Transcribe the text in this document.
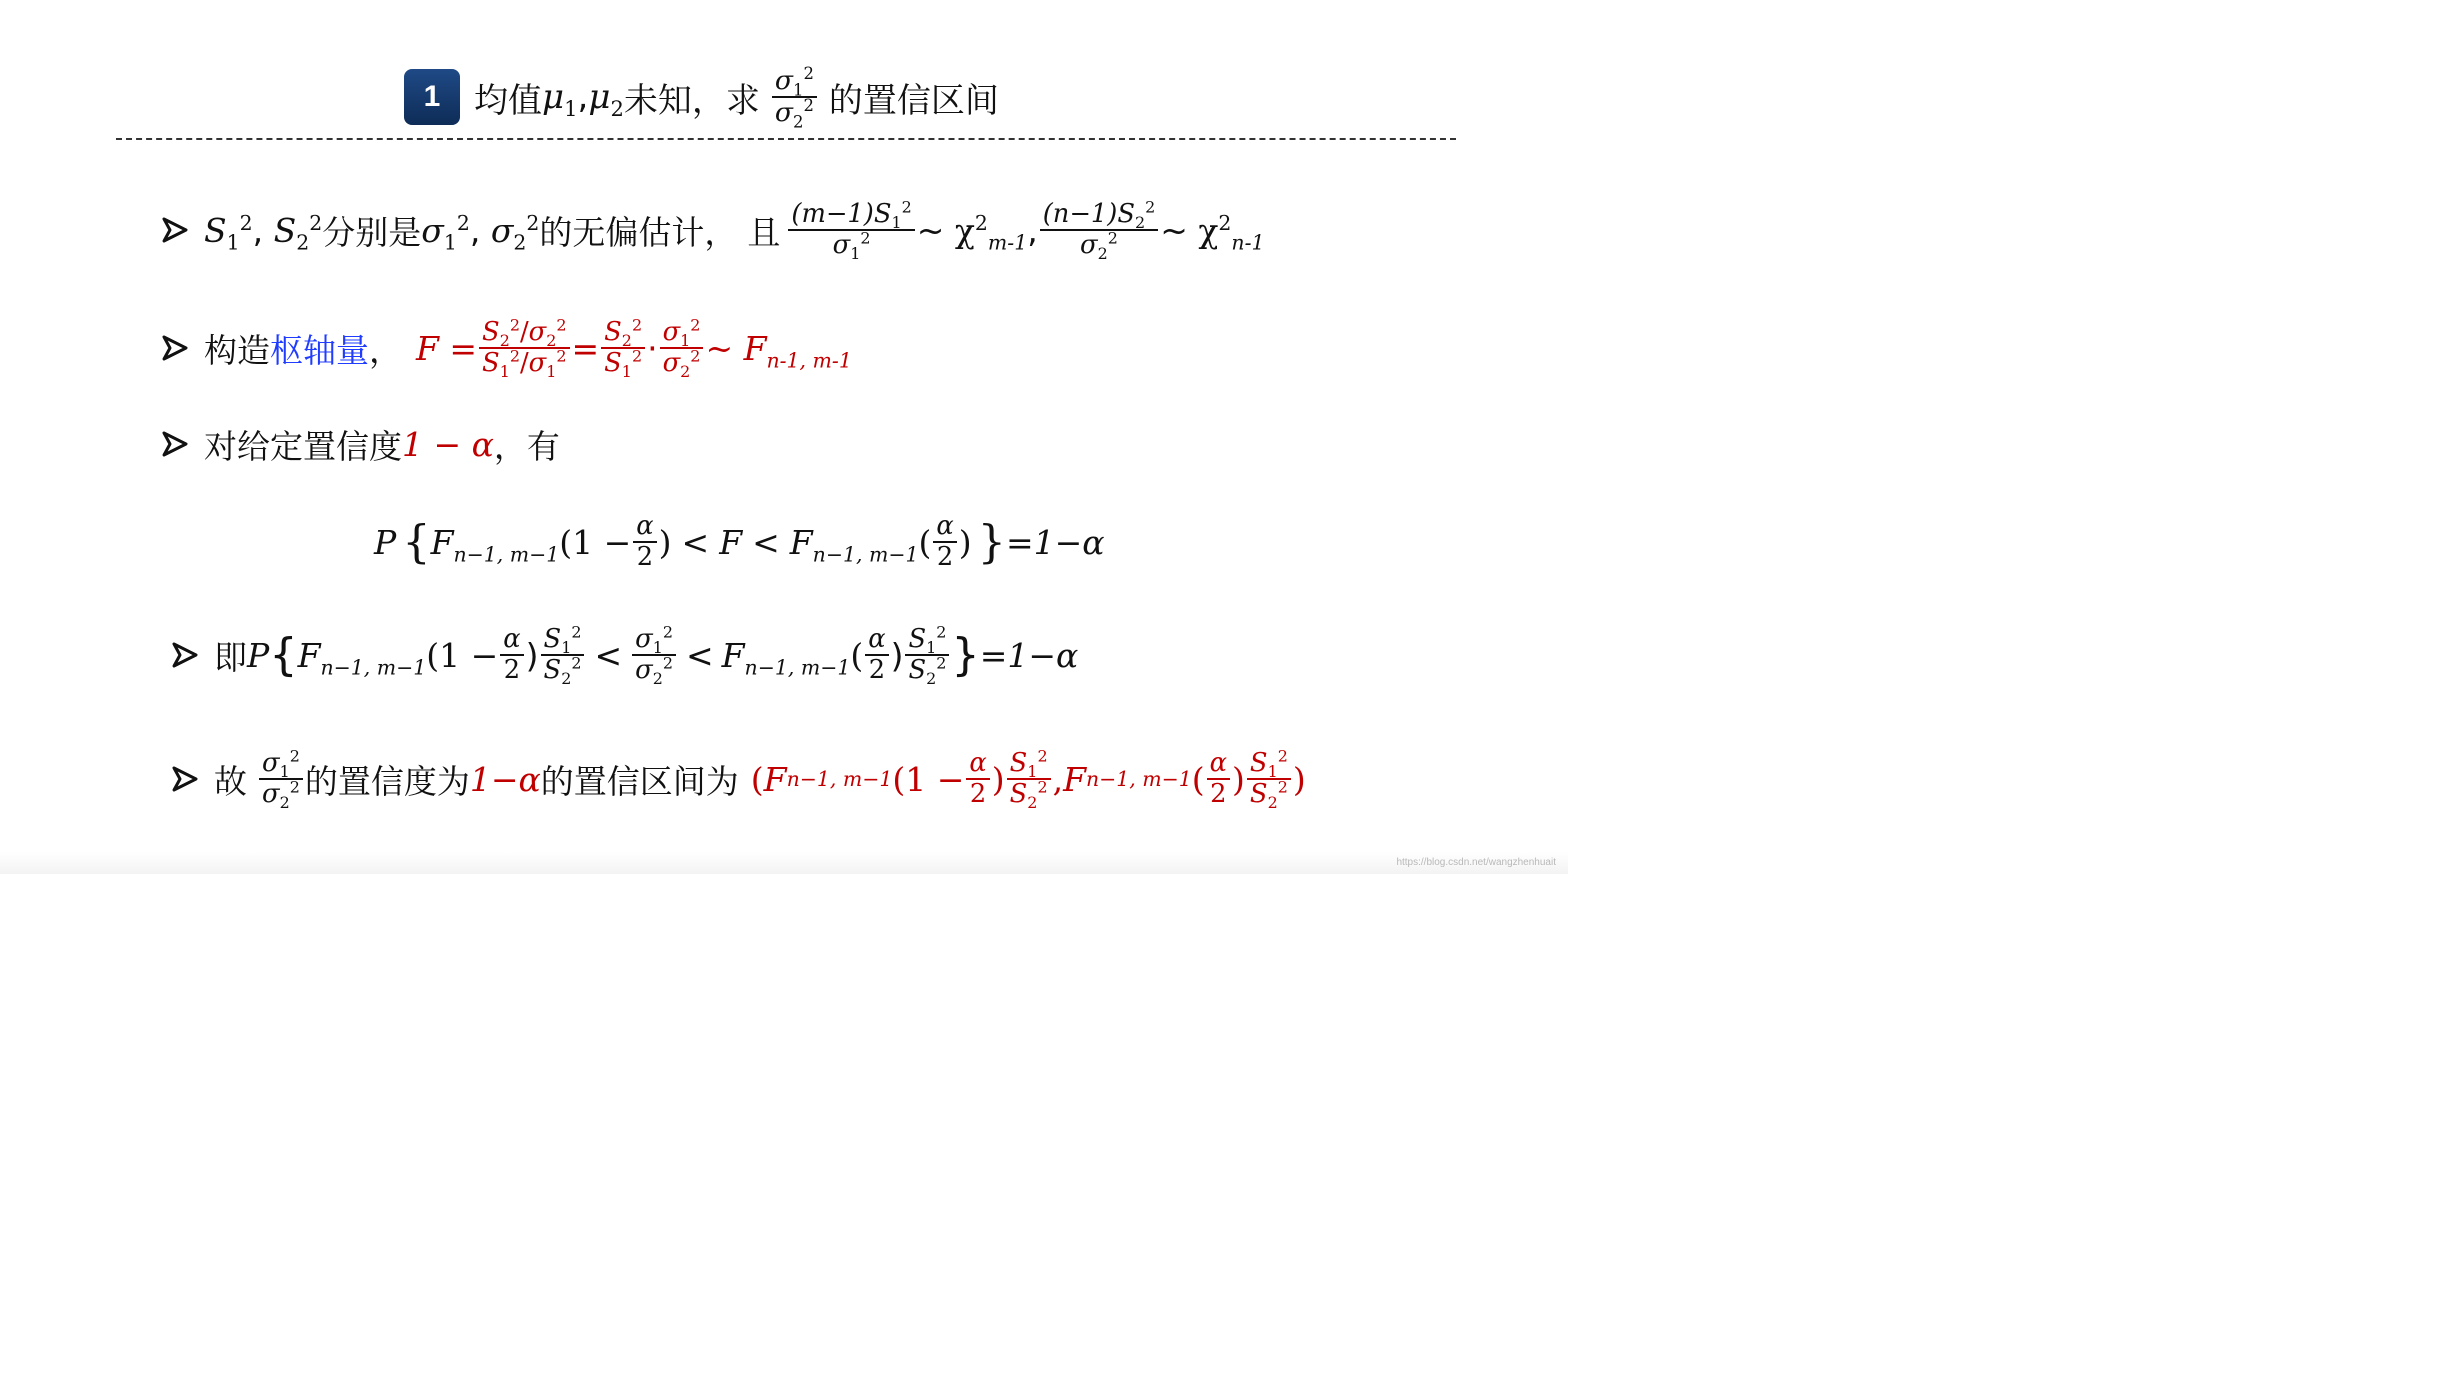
1 均值 $\mu_1$ , $\mu_2$ 未知，求 $\frac{\sigma_1^2}{\sigma_2^2}$ 的置信区间
$S_1^2$ , $S_2^2$ 分别是 $\sigma_1^2$ , $\sigma_2^2$ 的无偏估计， 且 $\frac{(m-1)S_1^2}{\sigma_1^2}$ ~ $\chi^2_{m-1}$ , $\frac{(n-1)S_2^2}{\sigma_2^2}$ ~ $\chi^2_{n-1}$
构造 枢轴量 ， $F = \frac{S_2^2/\sigma_2^2}{S_1^2/\sigma_1^2} = \frac{S_2^2}{S_1^2} \cdot \frac{\sigma_1^2}{\sigma_2^2}$ ~ $F_{n-1, m-1}$
对给定置信度 1 − α ，有
P { $F_{n-1, m-1}(1 - \frac{\alpha}{2}$ ) < $F < F_{n-1, m-1}( \frac{\alpha}{2}$ ) } =1−α
即 P { $F_{n-1, m-1}(1 - \frac{\alpha}{2}$ ) $\frac{S_1^2}{S_2^2} < \frac{\sigma_1^2}{\sigma_2^2} < F_{n-1, m-1}( \frac{\alpha}{2}$ ) $\frac{S_1^2}{S_2^2}$ } =1−α
故 $\frac{\sigma_1^2}{\sigma_2^2}$ 的置信度为 1−α 的置信区间为 ( F n−1, m−1 ($1 - \frac{\alpha}{2}$ ) $\frac{S_1^2}{S_2^2}$ , F n−1, m−1 ( $\frac{\alpha}{2}$ ) $\frac{S_1^2}{S_2^2}$ )
https://blog.csdn.net/wangzhenhuait
